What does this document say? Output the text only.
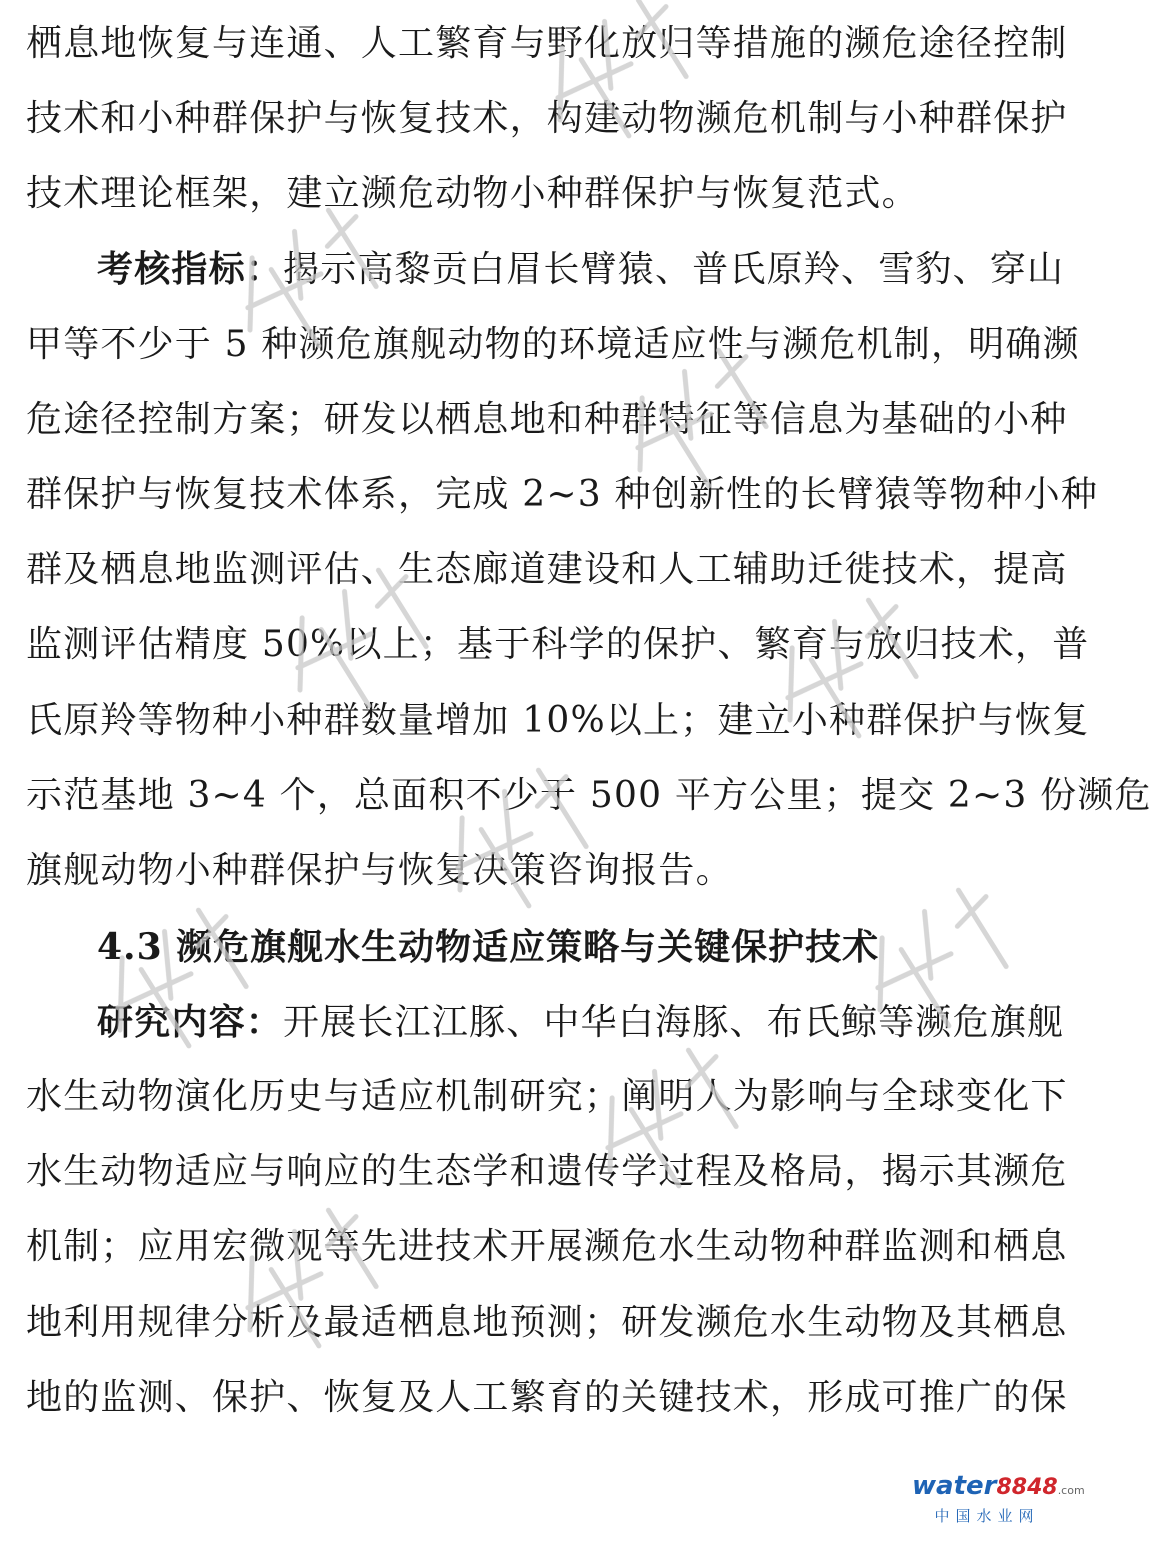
栖息地恢复与连通、人工繁育与野化放归等措施的濒危途径控制
技术和小种群保护与恢复技术，构建动物濒危机制与小种群保护
技术理论框架，建立濒危动物小种群保护与恢复范式。
考核指标：揭示高黎贡白眉长臂猿、普氏原羚、雪豹、穿山
甲等不少于 5 种濒危旗舰动物的环境适应性与濒危机制，明确濒
危途径控制方案；研发以栖息地和种群特征等信息为基础的小种
群保护与恢复技术体系，完成 2~3 种创新性的长臂猿等物种小种
群及栖息地监测评估、生态廊道建设和人工辅助迁徙技术，提高
监测评估精度 50%以上；基于科学的保护、繁育与放归技术，普
氏原羚等物种小种群数量增加 10%以上；建立小种群保护与恢复
示范基地 3~4 个，总面积不少于 500 平方公里；提交 2~3 份濒危
旗舰动物小种群保护与恢复决策咨询报告。
4.3 濒危旗舰水生动物适应策略与关键保护技术
研究内容：开展长江江豚、中华白海豚、布氏鲸等濒危旗舰
水生动物演化历史与适应机制研究；阐明人为影响与全球变化下
水生动物适应与响应的生态学和遗传学过程及格局，揭示其濒危
机制；应用宏微观等先进技术开展濒危水生动物种群监测和栖息
地利用规律分析及最适栖息地预测；研发濒危水生动物及其栖息
地的监测、保护、恢复及人工繁育的关键技术，形成可推广的保
water8848.com
中国水业网
